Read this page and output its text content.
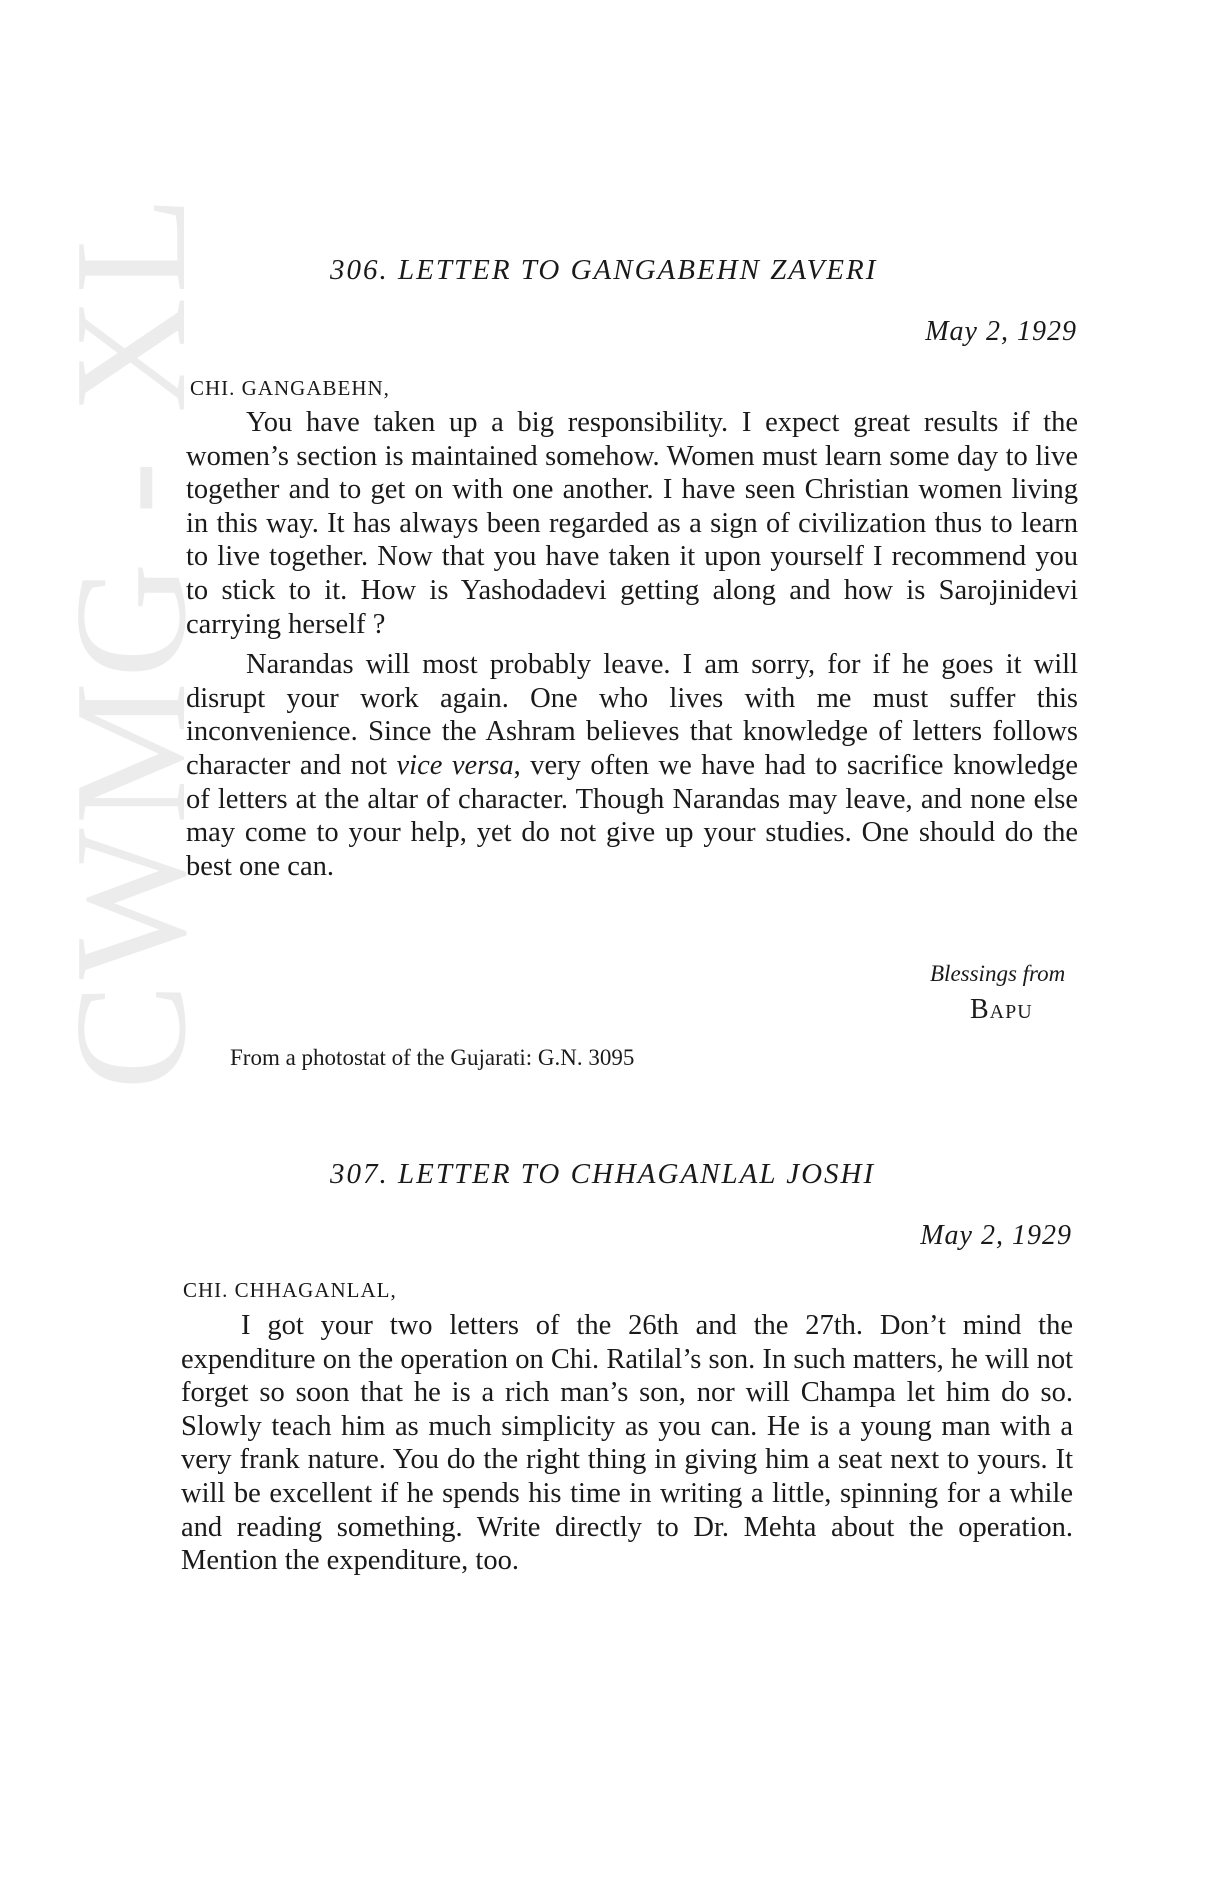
CWMG - XL	306. LETTER TO GANGABEHN ZAVERI
May 2, 1929
CHI. GANGABEHN,

You have taken up a big responsibility. I expect great results if the women’s section is maintained somehow. Women must learn some day to live together and to get on with one another. I have seen Christian women living in this way. It has always been regarded as a sign of civilization thus to learn to live together. Now that you have taken it upon yourself I recommend you to stick to it. How is Yashodadevi getting along and how is Sarojinidevi carrying herself ?

Narandas will most probably leave. I am sorry, for if he goes it will disrupt your work again. One who lives with me must suffer this inconvenience. Since the Ashram believes that knowledge of letters follows character and not vice versa, very often we have had to sacrifice knowledge of letters at the altar of character. Though Narandas may leave, and none else may come to your help, yet do not give up your studies. One should do the best one can.

Blessings from
Bapu
From a photostat of the Gujarati: G.N. 3095
307. LETTER TO CHHAGANLAL JOSHI
May 2, 1929
CHI. CHHAGANLAL,

I got your two letters of the 26th and the 27th. Don’t mind the expenditure on the operation on Chi. Ratilal’s son. In such matters, he will not forget so soon that he is a rich man’s son, nor will Champa let him do so. Slowly teach him as much simplicity as you can. He is a young man with a very frank nature. You do the right thing in giving him a seat next to yours. It will be excellent if he spends his time in writing a little, spinning for a while and reading something. Write directly to Dr. Mehta about the operation. Mention the expenditure, too.
